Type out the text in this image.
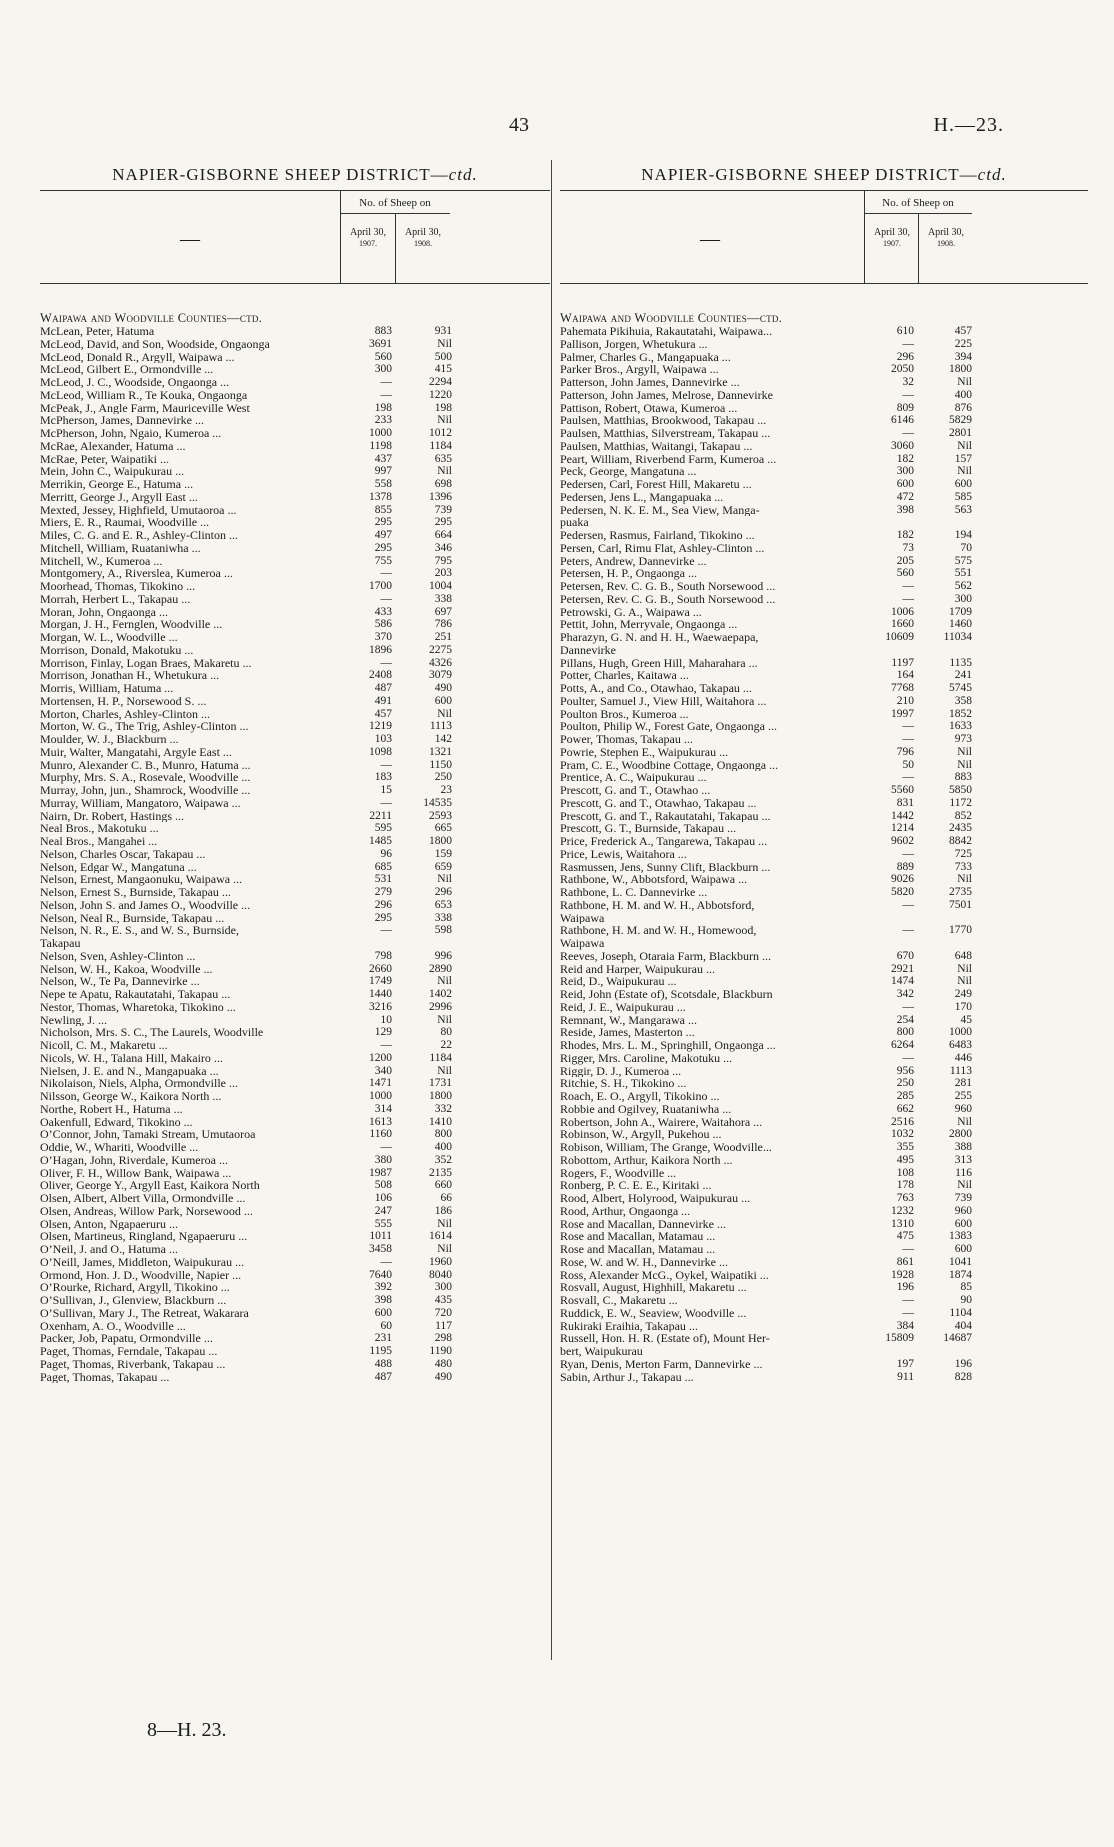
43	H.—23.
NAPIER-GISBORNE SHEEP DISTRICT—ctd.
—
No. of Sheep on
April 30,
1907.
April 30,
1908.
Waipawa and Woodville Counties—ctd.
McLean, Peter, Hatuma	883	931
McLeod, David, and Son, Woodside, Ongaonga	3691	Nil
McLeod, Donald R., Argyll, Waipawa ...	560	500
McLeod, Gilbert E., Ormondville ...	300	415
McLeod, J. C., Woodside, Ongaonga ...	—	2294
McLeod, William R., Te Kouka, Ongaonga	—	1220
McPeak, J., Angle Farm, Mauriceville West	198	198
McPherson, James, Dannevirke ...	233	Nil
McPherson, John, Ngaio, Kumeroa ...	1000	1012
McRae, Alexander, Hatuma ...	1198	1184
McRae, Peter, Waipatiki ...	437	635
Mein, John C., Waipukurau ...	997	Nil
Merrikin, George E., Hatuma ...	558	698
Merritt, George J., Argyll East ...	1378	1396
Mexted, Jessey, Highfield, Umutaoroa ...	855	739
Miers, E. R., Raumai, Woodville ...	295	295
Miles, C. G. and E. R., Ashley-Clinton ...	497	664
Mitchell, William, Ruataniwha ...	295	346
Mitchell, W., Kumeroa ...	755	795
Montgomery, A., Riverslea, Kumeroa ...	—	203
Moorhead, Thomas, Tikokino ...	1700	1004
Morrah, Herbert L., Takapau ...	—	338
Moran, John, Ongaonga ...	433	697
Morgan, J. H., Fernglen, Woodville ...	586	786
Morgan, W. L., Woodville ...	370	251
Morrison, Donald, Makotuku ...	1896	2275
Morrison, Finlay, Logan Braes, Makaretu ...	—	4326
Morrison, Jonathan H., Whetukura ...	2408	3079
Morris, William, Hatuma ...	487	490
Mortensen, H. P., Norsewood S. ...	491	600
Morton, Charles, Ashley-Clinton ...	457	Nil
Morton, W. G., The Trig, Ashley-Clinton ...	1219	1113
Moulder, W. J., Blackburn ...	103	142
Muir, Walter, Mangatahi, Argyle East ...	1098	1321
Munro, Alexander C. B., Munro, Hatuma ...	—	1150
Murphy, Mrs. S. A., Rosevale, Woodville ...	183	250
Murray, John, jun., Shamrock, Woodville ...	15	23
Murray, William, Mangatoro, Waipawa ...	—	14535
Nairn, Dr. Robert, Hastings ...	2211	2593
Neal Bros., Makotuku ...	595	665
Neal Bros., Mangahei ...	1485	1800
Nelson, Charles Oscar, Takapau ...	96	159
Nelson, Edgar W., Mangatuna ...	685	659
Nelson, Ernest, Mangaonuku, Waipawa ...	531	Nil
Nelson, Ernest S., Burnside, Takapau ...	279	296
Nelson, John S. and James O., Woodville ...	296	653
Nelson, Neal R., Burnside, Takapau ...	295	338
Nelson, N. R., E. S., and W. S., Burnside,	—	598
Takapau
Nelson, Sven, Ashley-Clinton ...	798	996
Nelson, W. H., Kakoa, Woodville ...	2660	2890
Nelson, W., Te Pa, Dannevirke ...	1749	Nil
Nepe te Apatu, Rakautatahi, Takapau ...	1440	1402
Nestor, Thomas, Wharetoka, Tikokino ...	3216	2996
Newling, J. ...	10	Nil
Nicholson, Mrs. S. C., The Laurels, Woodville	129	80
Nicoll, C. M., Makaretu ...	—	22
Nicols, W. H., Talana Hill, Makairo ...	1200	1184
Nielsen, J. E. and N., Mangapuaka ...	340	Nil
Nikolaison, Niels, Alpha, Ormondville ...	1471	1731
Nilsson, George W., Kaikora North ...	1000	1800
Northe, Robert H., Hatuma ...	314	332
Oakenfull, Edward, Tikokino ...	1613	1410
O’Connor, John, Tamaki Stream, Umutaoroa	1160	800
Oddie, W., Whariti, Woodville ...	—	400
O’Hagan, John, Riverdale, Kumeroa ...	380	352
Oliver, F. H., Willow Bank, Waipawa ...	1987	2135
Oliver, George Y., Argyll East, Kaikora North	508	660
Olsen, Albert, Albert Villa, Ormondville ...	106	66
Olsen, Andreas, Willow Park, Norsewood ...	247	186
Olsen, Anton, Ngapaeruru ...	555	Nil
Olsen, Martineus, Ringland, Ngapaeruru ...	1011	1614
O’Neil, J. and O., Hatuma ...	3458	Nil
O’Neill, James, Middleton, Waipukurau ...	—	1960
Ormond, Hon. J. D., Woodville, Napier ...	7640	8040
O’Rourke, Richard, Argyll, Tikokino ...	392	300
O’Sullivan, J., Glenview, Blackburn ...	398	435
O’Sullivan, Mary J., The Retreat, Wakarara	600	720
Oxenham, A. O., Woodville ...	60	117
Packer, Job, Papatu, Ormondville ...	231	298
Paget, Thomas, Ferndale, Takapau ...	1195	1190
Paget, Thomas, Riverbank, Takapau ...	488	480
Paget, Thomas, Takapau ...	487	490
NAPIER-GISBORNE SHEEP DISTRICT—ctd.
—
No. of Sheep on
April 30,
1907.
April 30,
1908.
Waipawa and Woodville Counties—ctd.
Pahemata Pikihuia, Rakautatahi, Waipawa...	610	457
Pallison, Jorgen, Whetukura ...	—	225
Palmer, Charles G., Mangapuaka ...	296	394
Parker Bros., Argyll, Waipawa ...	2050	1800
Patterson, John James, Dannevirke ...	32	Nil
Patterson, John James, Melrose, Dannevirke	—	400
Pattison, Robert, Otawa, Kumeroa ...	809	876
Paulsen, Matthias, Brookwood, Takapau ...	6146	5829
Paulsen, Matthias, Silverstream, Takapau ...	—	2801
Paulsen, Matthias, Waitangi, Takapau ...	3060	Nil
Peart, William, Riverbend Farm, Kumeroa ...	182	157
Peck, George, Mangatuna ...	300	Nil
Pedersen, Carl, Forest Hill, Makaretu ...	600	600
Pedersen, Jens L., Mangapuaka ...	472	585
Pedersen, N. K. E. M., Sea View, Manga-	398	563
puaka
Pedersen, Rasmus, Fairland, Tikokino ...	182	194
Persen, Carl, Rimu Flat, Ashley-Clinton ...	73	70
Peters, Andrew, Dannevirke ...	205	575
Petersen, H. P., Ongaonga ...	560	551
Petersen, Rev. C. G. B., South Norsewood ...	—	562
Petersen, Rev. C. G. B., South Norsewood ...	—	300
Petrowski, G. A., Waipawa ...	1006	1709
Pettit, John, Merryvale, Ongaonga ...	1660	1460
Pharazyn, G. N. and H. H., Waewaepapa,	10609	11034
Dannevirke
Pillans, Hugh, Green Hill, Maharahara ...	1197	1135
Potter, Charles, Kaitawa ...	164	241
Potts, A., and Co., Otawhao, Takapau ...	7768	5745
Poulter, Samuel J., View Hill, Waitahora ...	210	358
Poulton Bros., Kumeroa ...	1997	1852
Poulton, Philip W., Forest Gate, Ongaonga ...	—	1633
Power, Thomas, Takapau ...	—	973
Powrie, Stephen E., Waipukurau ...	796	Nil
Pram, C. E., Woodbine Cottage, Ongaonga ...	50	Nil
Prentice, A. C., Waipukurau ...	—	883
Prescott, G. and T., Otawhao ...	5560	5850
Prescott, G. and T., Otawhao, Takapau ...	831	1172
Prescott, G. and T., Rakautatahi, Takapau ...	1442	852
Prescott, G. T., Burnside, Takapau ...	1214	2435
Price, Frederick A., Tangarewa, Takapau ...	9602	8842
Price, Lewis, Waitahora ...	—	725
Rasmussen, Jens, Sunny Clift, Blackburn ...	889	733
Rathbone, W., Abbotsford, Waipawa ...	9026	Nil
Rathbone, L. C. Dannevirke ...	5820	2735
Rathbone, H. M. and W. H., Abbotsford,	—	7501
Waipawa
Rathbone, H. M. and W. H., Homewood,	—	1770
Waipawa
Reeves, Joseph, Otaraia Farm, Blackburn ...	670	648
Reid and Harper, Waipukurau ...	2921	Nil
Reid, D., Waipukurau ...	1474	Nil
Reid, John (Estate of), Scotsdale, Blackburn	342	249
Reid, J. E., Waipukurau ...	—	170
Remnant, W., Mangarawa ...	254	45
Reside, James, Masterton ...	800	1000
Rhodes, Mrs. L. M., Springhill, Ongaonga ...	6264	6483
Rigger, Mrs. Caroline, Makotuku ...	—	446
Riggir, D. J., Kumeroa ...	956	1113
Ritchie, S. H., Tikokino ...	250	281
Roach, E. O., Argyll, Tikokino ...	285	255
Robbie and Ogilvey, Ruataniwha ...	662	960
Robertson, John A., Wairere, Waitahora ...	2516	Nil
Robinson, W., Argyll, Pukehou ...	1032	2800
Robison, William, The Grange, Woodville...	355	388
Robottom, Arthur, Kaikora North ...	495	313
Rogers, F., Woodville ...	108	116
Ronberg, P. C. E. E., Kiritaki ...	178	Nil
Rood, Albert, Holyrood, Waipukurau ...	763	739
Rood, Arthur, Ongaonga ...	1232	960
Rose and Macallan, Dannevirke ...	1310	600
Rose and Macallan, Matamau ...	475	1383
Rose and Macallan, Matamau ...	—	600
Rose, W. and W. H., Dannevirke ...	861	1041
Ross, Alexander McG., Oykel, Waipatiki ...	1928	1874
Rosvall, August, Highhill, Makaretu ...	196	85
Rosvall, C., Makaretu ...	—	90
Ruddick, E. W., Seaview, Woodville ...	—	1104
Rukiraki Eraihia, Takapau ...	384	404
Russell, Hon. H. R. (Estate of), Mount Her-	15809	14687
bert, Waipukurau
Ryan, Denis, Merton Farm, Dannevirke ...	197	196
Sabin, Arthur J., Takapau ...	911	828
8—H. 23.
